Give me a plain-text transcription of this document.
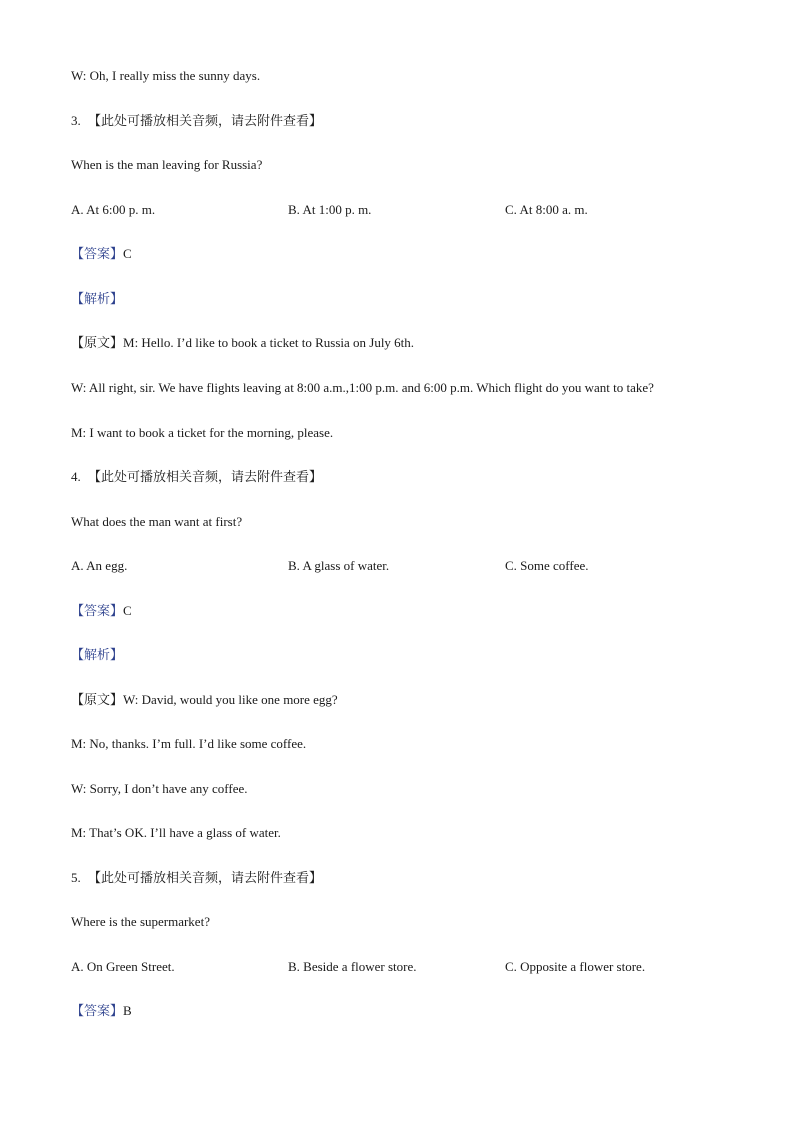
W: Oh, I really miss the sunny days.
3. 【此处可播放相关音频，请去附件查看】
When is the man leaving for Russia?
A. At 6:00 p. m.	B. At 1:00 p. m.	C. At 8:00 a. m.
【答案】C
【解析】
【原文】M: Hello. I’d like to book a ticket to Russia on July 6th.
W: All right, sir. We have flights leaving at 8:00 a.m.,1:00 p.m. and 6:00 p.m. Which flight do you want to take?
M: I want to book a ticket for the morning, please.
4. 【此处可播放相关音频，请去附件查看】
What does the man want at first?
A. An egg.	B. A glass of water.	C. Some coffee.
【答案】C
【解析】
【原文】W: David, would you like one more egg?
M: No, thanks. I’m full. I’d like some coffee.
W: Sorry, I don’t have any coffee.
M: That’s OK. I’ll have a glass of water.
5. 【此处可播放相关音频，请去附件查看】
Where is the supermarket?
A. On Green Street.	B. Beside a flower store.	C. Opposite a flower store.
【答案】B
